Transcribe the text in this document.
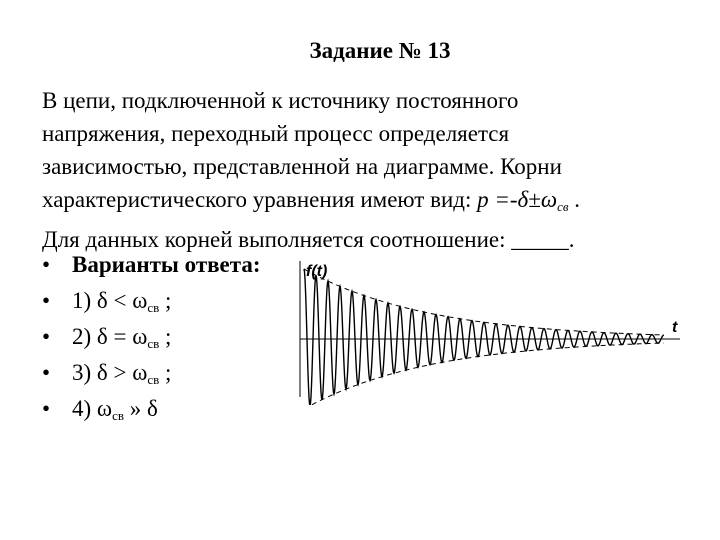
Задание № 13
В цепи, подключенной к источнику постоянного
напряжения, переходный процесс определяется
зависимостью, представленной на диаграмме. Корни
характеристического уравнения имеют вид: $p =-\delta\pm\omega_{св}$ .
Для данных корней выполняется соотношение: _____.
• Варианты ответа:
• 1) $\delta < \omega_{св}$ ;
• 2) $\delta = \omega_{св}$ ;
• 3) $\delta > \omega_{св}$ ;
• 4) $\omega_{св}$ » δ
f(t)
t
